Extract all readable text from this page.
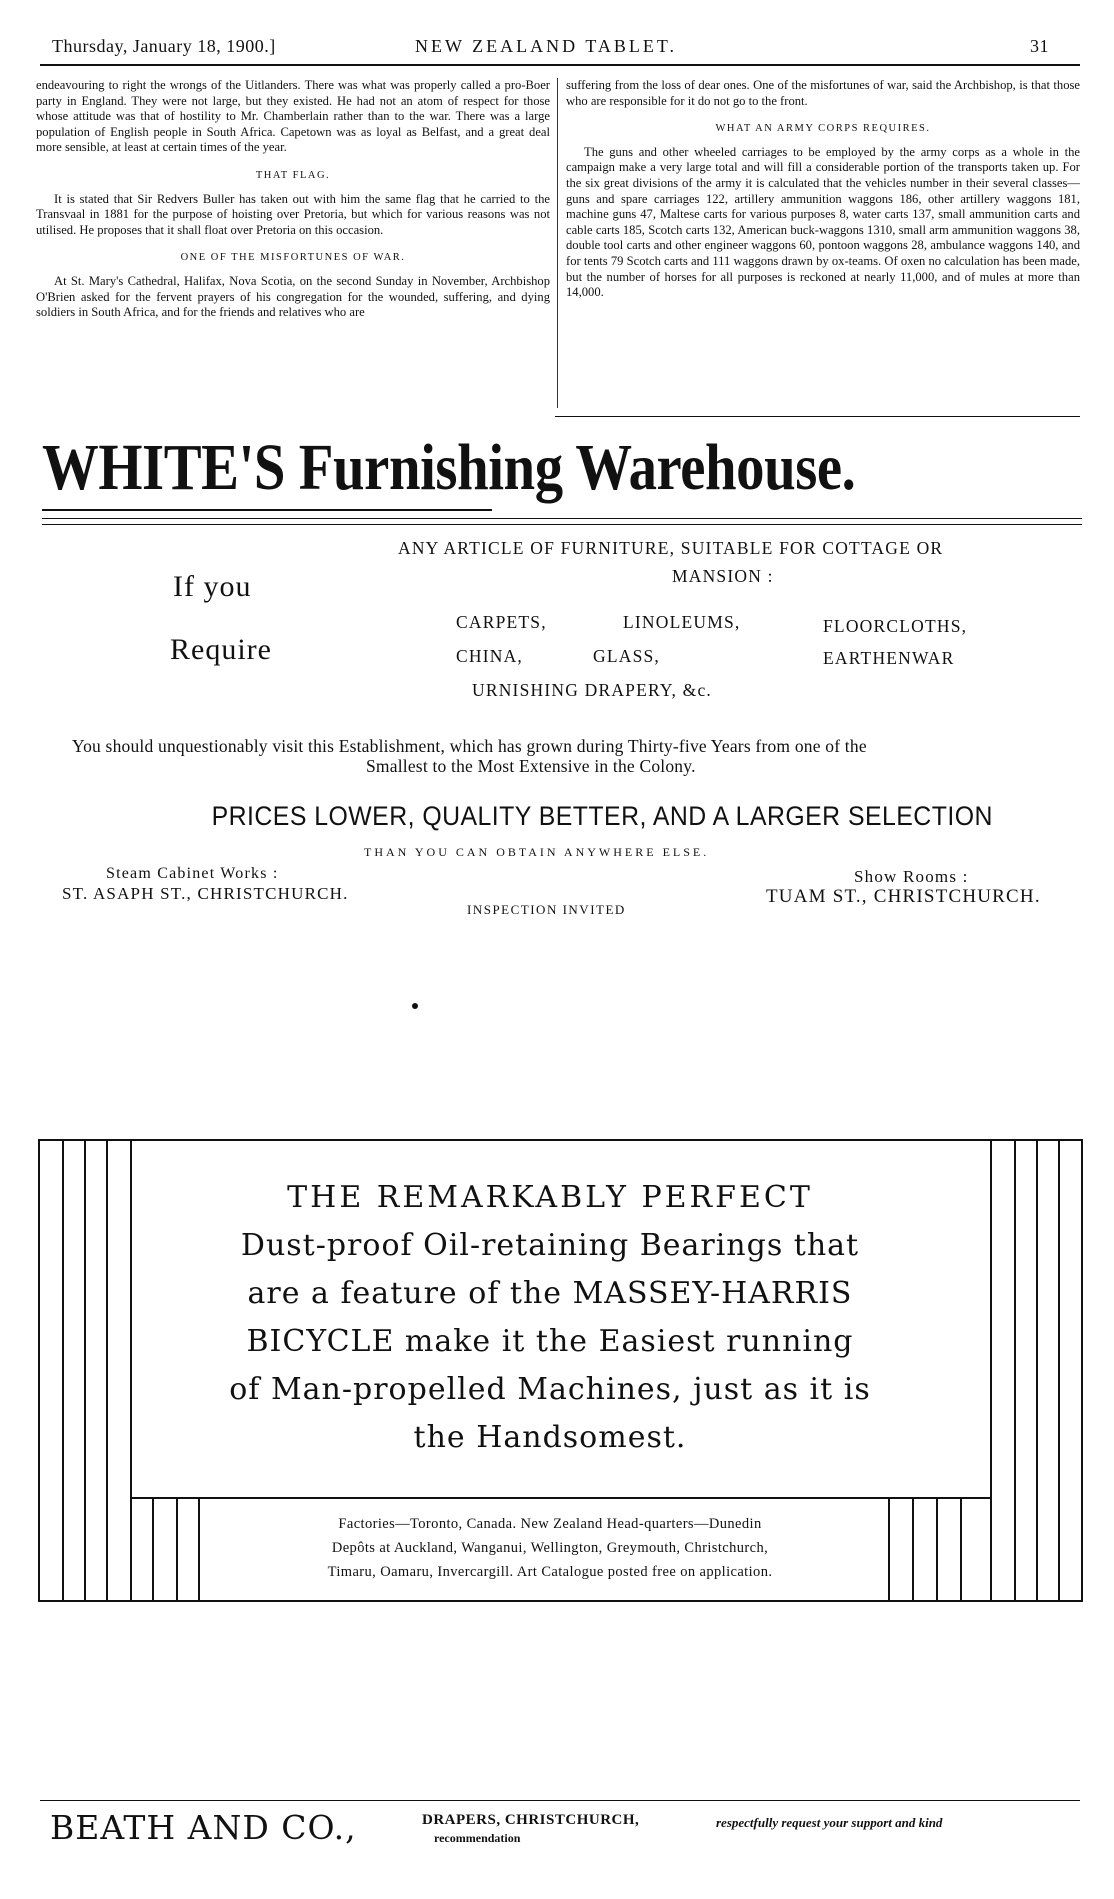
Thursday, January 18, 1900.]	NEW ZEALAND TABLET.	31

endeavouring to right the wrongs of the Uitlanders. There was what was properly called a pro-Boer party in England. They were not large, but they existed. He had not an atom of respect for those whose attitude was that of hostility to Mr. Chamberlain rather than to the war. There was a large population of English people in South Africa. Capetown was as loyal as Belfast, and a great deal more sensible, at least at certain times of the year.

THAT FLAG.

It is stated that Sir Redvers Buller has taken out with him the same flag that he carried to the Transvaal in 1881 for the purpose of hoisting over Pretoria, but which for various reasons was not utilised. He proposes that it shall float over Pretoria on this occasion.

ONE OF THE MISFORTUNES OF WAR.

At St. Mary's Cathedral, Halifax, Nova Scotia, on the second Sunday in November, Archbishop O'Brien asked for the fervent prayers of his congregation for the wounded, suffering, and dying soldiers in South Africa, and for the friends and relatives who are

suffering from the loss of dear ones. One of the misfortunes of war, said the Archbishop, is that those who are responsible for it do not go to the front.

WHAT AN ARMY CORPS REQUIRES.

The guns and other wheeled carriages to be employed by the army corps as a whole in the campaign make a very large total and will fill a considerable portion of the transports taken up. For the six great divisions of the army it is calculated that the vehicles number in their several classes—guns and spare carriages 122, artillery ammunition waggons 186, other artillery waggons 181, machine guns 47, Maltese carts for various purposes 8, water carts 137, small ammunition carts and cable carts 185, Scotch carts 132, American buck-waggons 1310, small arm ammunition waggons 38, double tool carts and other engineer waggons 60, pontoon waggons 28, ambulance waggons 140, and for tents 79 Scotch carts and 111 waggons drawn by ox-teams. Of oxen no calculation has been made, but the number of horses for all purposes is reckoned at nearly 11,000, and of mules at more than 14,000.

WHITE'S Furnishing Warehouse.
ANY ARTICLE OF FURNITURE, SUITABLE FOR COTTAGE OR
MANSION :
If you
Require
CARPETS,	LINOLEUMS,	FLOORCLOTHS,
CHINA,	GLASS,	EARTHENWAR
URNISHING DRAPERY, &c.
You should unquestionably visit this Establishment, which has grown during Thirty-five Years from one of the
Smallest to the Most Extensive in the Colony.
PRICES LOWER, QUALITY BETTER, AND A LARGER SELECTION
THAN YOU CAN OBTAIN ANYWHERE ELSE.
Steam Cabinet Works :
ST. ASAPH ST., CHRISTCHURCH.
INSPECTION INVITED
Show Rooms :
TUAM ST., CHRISTCHURCH.
THE REMARKABLY PERFECT
Dust-proof Oil-retaining Bearings that
are a feature of the MASSEY-HARRIS
BICYCLE make it the Easiest running
of Man-propelled Machines, just as it is
the Handsomest.
Factories—Toronto, Canada. New Zealand Head-quarters—Dunedin
Depôts at Auckland, Wanganui, Wellington, Greymouth, Christchurch,
Timaru, Oamaru, Invercargill. Art Catalogue posted free on application.
BEATH AND CO.,	DRAPERS, CHRISTCHURCH,
recommendation
respectfully request your support and kind
